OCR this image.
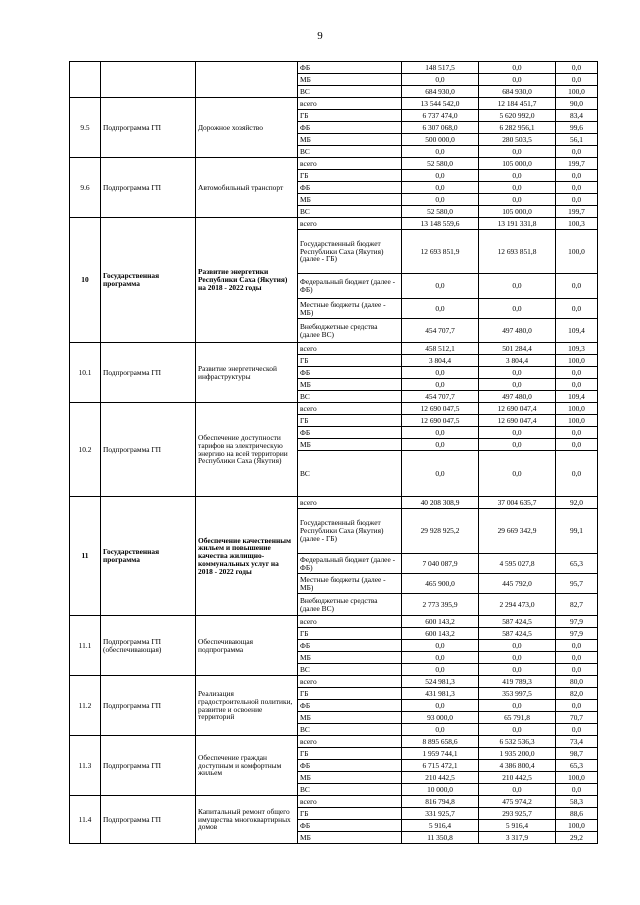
9
			ФБ	148 517,5	0,0	0,0
			МБ	0,0	0,0	0,0
			ВС	684 930,0	684 930,0	100,0
9.5	Подпрограмма ГП	Дорожное хозяйство	всего	13 544 542,0	12 184 451,7	90,0
			ГБ	6 737 474,0	5 620 992,0	83,4
			ФБ	6 307 068,0	6 282 956,1	99,6
			МБ	500 000,0	280 503,5	56,1
			ВС	0,0	0,0	0,0
9.6	Подпрограмма ГП	Автомобильный транспорт	всего	52 580,0	105 000,0	199,7
			ГБ	0,0	0,0	0,0
			ФБ	0,0	0,0	0,0
			МБ	0,0	0,0	0,0
			ВС	52 580,0	105 000,0	199,7
10	Государственная программа	Развитие энергетики Республики Саха (Якутия) на 2018 - 2022 годы	всего	13 148 559,6	13 191 331,8	100,3
			Государственный бюджет Республики Саха (Якутия) (далее - ГБ)	12 693 851,9	12 693 851,8	100,0
			Федеральный бюджет (далее - ФБ)	0,0	0,0	0,0
			Местные бюджеты (далее - МБ)	0,0	0,0	0,0
			Внебюджетные средства (далее ВС)	454 707,7	497 480,0	109,4
10.1	Подпрограмма ГП	Развитие энергетической инфраструктуры	всего	458 512,1	501 284,4	109,3
			ГБ	3 804,4	3 804,4	100,0
			ФБ	0,0	0,0	0,0
			МБ	0,0	0,0	0,0
			ВС	454 707,7	497 480,0	109,4
10.2	Подпрограмма ГП	Обеспечение доступности тарифов на электрическую энергию на всей территории Республики Саха (Якутия)	всего	12 690 047,5	12 690 047,4	100,0
			ГБ	12 690 047,5	12 690 047,4	100,0
			ФБ	0,0	0,0	0,0
			МБ	0,0	0,0	0,0
			ВС	0,0	0,0	0,0
11	Государственная программа	Обеспечение качественным жильем и повышение качества жилищно-коммунальных услуг на 2018 - 2022 годы	всего	40 208 308,9	37 004 635,7	92,0
			Государственный бюджет Республики Саха (Якутия) (далее - ГБ)	29 928 925,2	29 669 342,9	99,1
			Федеральный бюджет (далее - ФБ)	7 040 087,9	4 595 027,8	65,3
			Местные бюджеты (далее - МБ)	465 900,0	445 792,0	95,7
			Внебюджетные средства (далее ВС)	2 773 395,9	2 294 473,0	82,7
11.1	Подпрограмма ГП (обеспечивающая)	Обеспечивающая подпрограмма	всего	600 143,2	587 424,5	97,9
			ГБ	600 143,2	587 424,5	97,9
			ФБ	0,0	0,0	0,0
			МБ	0,0	0,0	0,0
			ВС	0,0	0,0	0,0
11.2	Подпрограмма ГП	Реализация градостроительной политики, развитие и освоение территорий	всего	524 981,3	419 789,3	80,0
			ГБ	431 981,3	353 997,5	82,0
			ФБ	0,0	0,0	0,0
			МБ	93 000,0	65 791,8	70,7
			ВС	0,0	0,0	0,0
11.3	Подпрограмма ГП	Обеспечение граждан доступным и комфортным жильем	всего	8 895 658,6	6 532 536,3	73,4
			ГБ	1 959 744,1	1 935 200,0	98,7
			ФБ	6 715 472,1	4 386 800,4	65,3
			МБ	210 442,5	210 442,5	100,0
			ВС	10 000,0	0,0	0,0
11.4	Подпрограмма ГП	Капитальный ремонт общего имущества многоквартирных домов	всего	816 794,8	475 974,2	58,3
			ГБ	331 925,7	293 925,7	88,6
			ФБ	5 916,4	5 916,4	100,0
			МБ	11 350,8	3 317,9	29,2
